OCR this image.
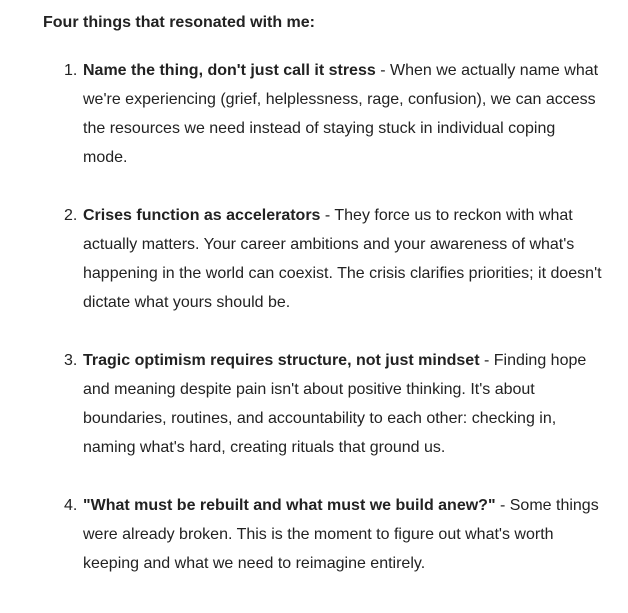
Four things that resonated with me:

1. Name the thing, don't just call it stress - When we actually name what we're experiencing (grief, helplessness, rage, confusion), we can access the resources we need instead of staying stuck in individual coping mode.
2. Crises function as accelerators - They force us to reckon with what actually matters. Your career ambitions and your awareness of what's happening in the world can coexist. The crisis clarifies priorities; it doesn't dictate what yours should be.
3. Tragic optimism requires structure, not just mindset - Finding hope and meaning despite pain isn't about positive thinking. It's about boundaries, routines, and accountability to each other: checking in, naming what's hard, creating rituals that ground us.
4. "What must be rebuilt and what must we build anew?" - Some things were already broken. This is the moment to figure out what's worth keeping and what we need to reimagine entirely.
